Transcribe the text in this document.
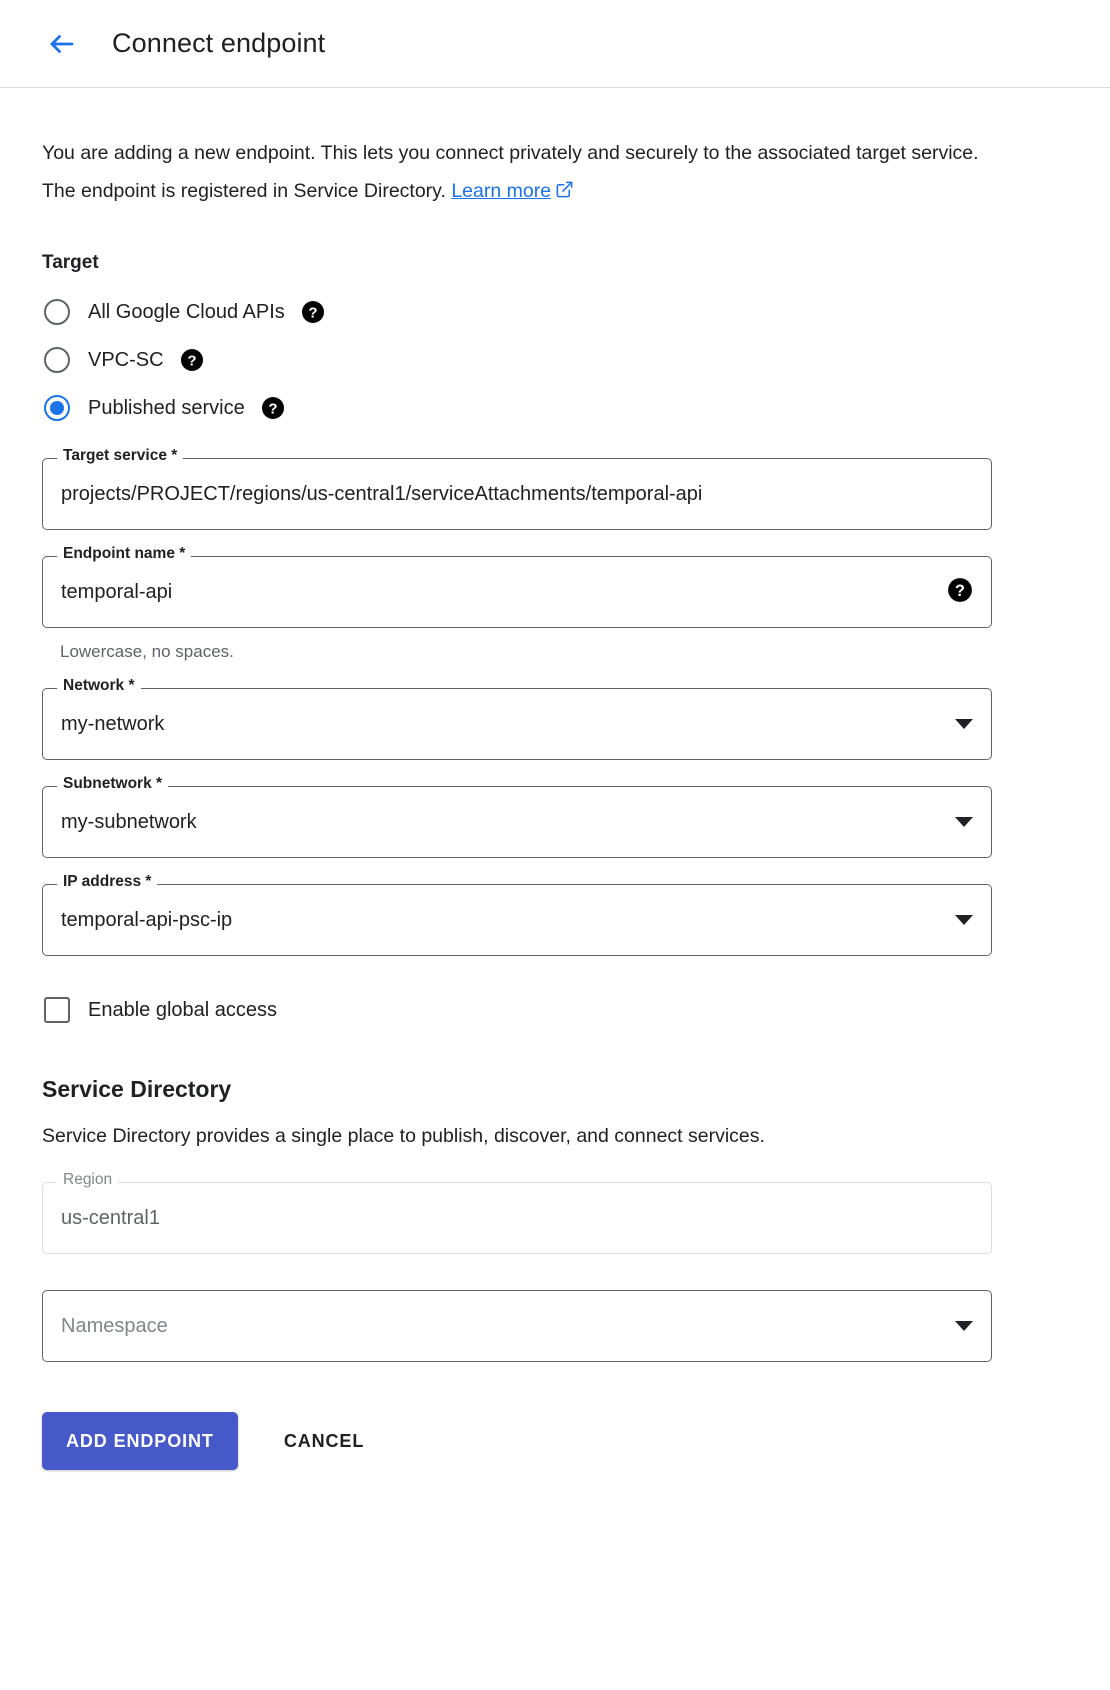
Connect endpoint
You are adding a new endpoint. This lets you connect privately and securely to the associated target service. The endpoint is registered in Service Directory. Learn more
Target
All Google Cloud APIs ?
VPC-SC ?
Published service ?
Target service *
projects/PROJECT/regions/us-central1/serviceAttachments/temporal-api
Endpoint name *
temporal-api	?
Lowercase, no spaces.
Network *
my-network
Subnetwork *
my-subnetwork
IP address *
temporal-api-psc-ip
Enable global access
Service Directory
Service Directory provides a single place to publish, discover, and connect services.
Region
us-central1
Namespace
ADD ENDPOINT	CANCEL
